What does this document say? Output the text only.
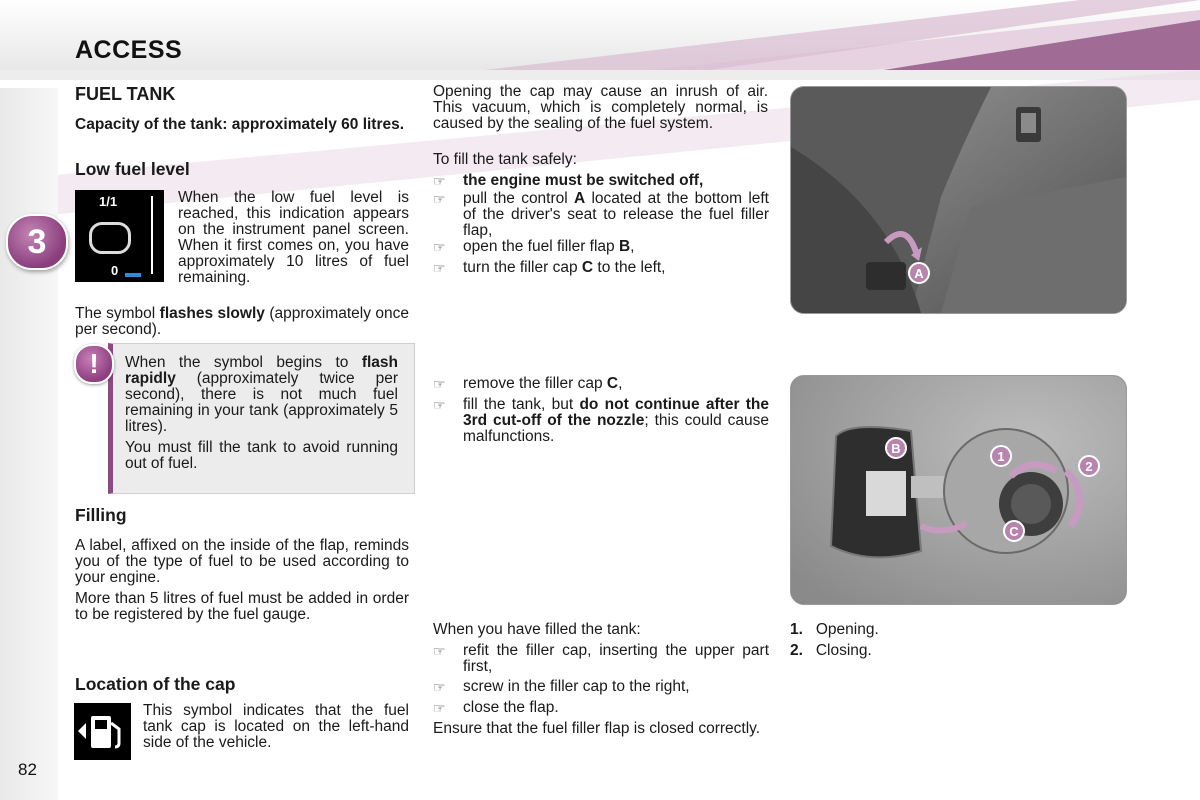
ACCESS
3
82
FUEL TANK

Capacity of the tank: approximately 60 litres.

Low fuel level
1/1
0

When the low fuel level is reached, this indication appears on the instrument panel screen. When it first comes on, you have approximately 10 litres of fuel remaining.

The symbol flashes slowly (approximately once per second).

!	When the symbol begins to flash rapidly (approximately twice per second), there is not much fuel remaining in your tank (approximately 5 litres).

You must fill the tank to avoid running out of fuel.

Filling

A label, affixed on the inside of the flap, reminds you of the type of fuel to be used according to your engine.

More than 5 litres of fuel must be added in order to be registered by the fuel gauge.

Location of the cap

This symbol indicates that the fuel tank cap is located on the left-hand side of the vehicle.

Opening the cap may cause an inrush of air. This vacuum, which is completely normal, is caused by the sealing of the fuel system.

To fill the tank safely:

☞ the engine must be switched off,

☞ pull the control A located at the bottom left of the driver's seat to release the fuel filler flap,

☞ open the fuel filler flap B,

☞ turn the filler cap C to the left,

☞ remove the filler cap C,

☞ fill the tank, but do not continue after the 3rd cut-off of the nozzle; this could cause malfunctions.

When you have filled the tank:

☞ refit the filler cap, inserting the upper part first,

☞ screw in the filler cap to the right,

☞ close the flap.

Ensure that the fuel filler flap is closed correctly.

A
B
C
1
2
1. Opening.
2. Closing.
